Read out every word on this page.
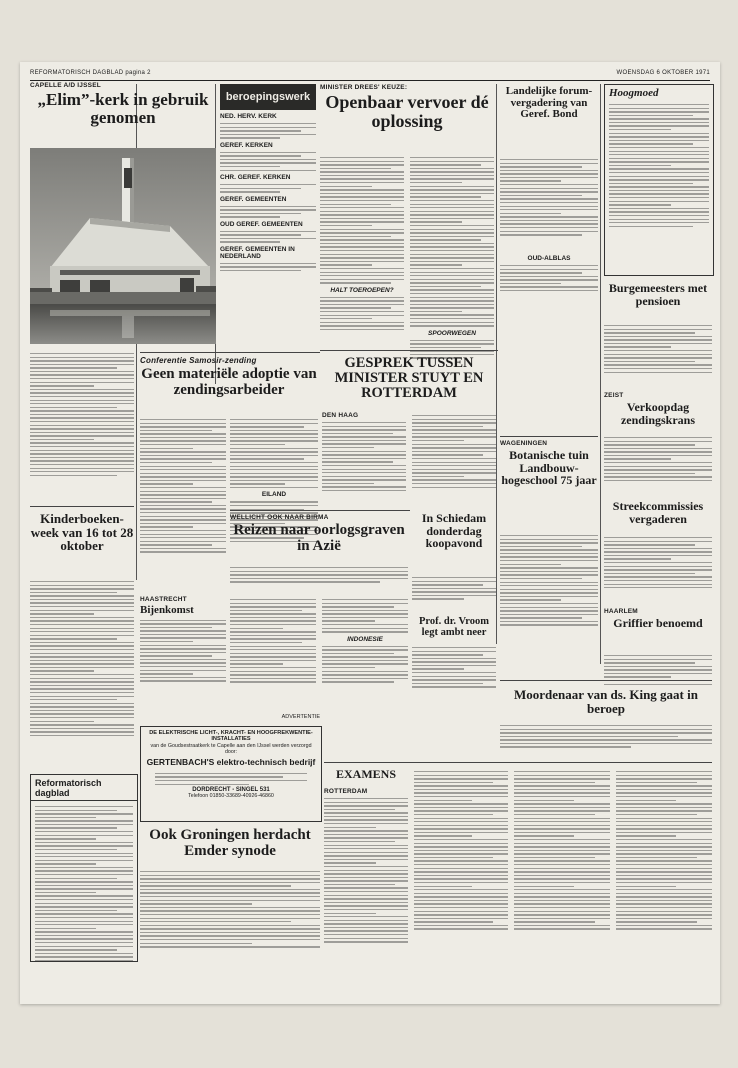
REFORMATORISCH DAGBLAD pagina 2	WOENSDAG 6 OKTOBER 1971
CAPELLE A/D IJSSEL
„Elim”-kerk in gebruik genomen
Kinderboeken-week van 16 tot 28 oktober
Reformatorisch dagblad
beroepingswerk
NED. HERV. KERK
GEREF. KERKEN
CHR. GEREF. KERKEN
GEREF. GEMEENTEN
OUD GEREF. GEMEENTEN
GEREF. GEMEENTEN IN NEDERLAND
MINISTER DREES' KEUZE:
Openbaar vervoer dé oplossing
HALT TOEROEPEN?
SPOORWEGEN
Landelijke forum-vergadering van Geref. Bond
OUD-ALBLAS
WAGENINGEN
Botanische tuin Landbouw-hogeschool 75 jaar
Hoogmoed
Burgemeesters met pensioen
ZEIST
Verkoopdag zendingskrans
Streekcommissies vergaderen
HAARLEM
Griffier benoemd
Conferentie Samosir-zending
Geen materiële adoptie van zendingsarbeider
EILAND
HAASTRECHT
Bijenkomst
GESPREK TUSSEN MINISTER STUYT EN ROTTERDAM
DEN HAAG
In Schiedam donderdag koopavond
Prof. dr. Vroom legt ambt neer
WELLICHT OOK NAAR BIRMA
Reizen naar oorlogsgraven in Azië
INDONESIE
Moordenaar van ds. King gaat in beroep
ADVERTENTIE
DE ELEKTRISCHE LICHT-, KRACHT- EN HOOGFREKWENTIE-INSTALLATIES
van de Goudsestraatkerk te Capelle aan den IJssel werden verzorgd door:
GERTENBACH'S elektro-technisch bedrijf
DORDRECHT - SINGEL 531
Telefoon 01850-33689-40926-46860
Ook Groningen herdacht Emder synode
EXAMENS
ROTTERDAM
